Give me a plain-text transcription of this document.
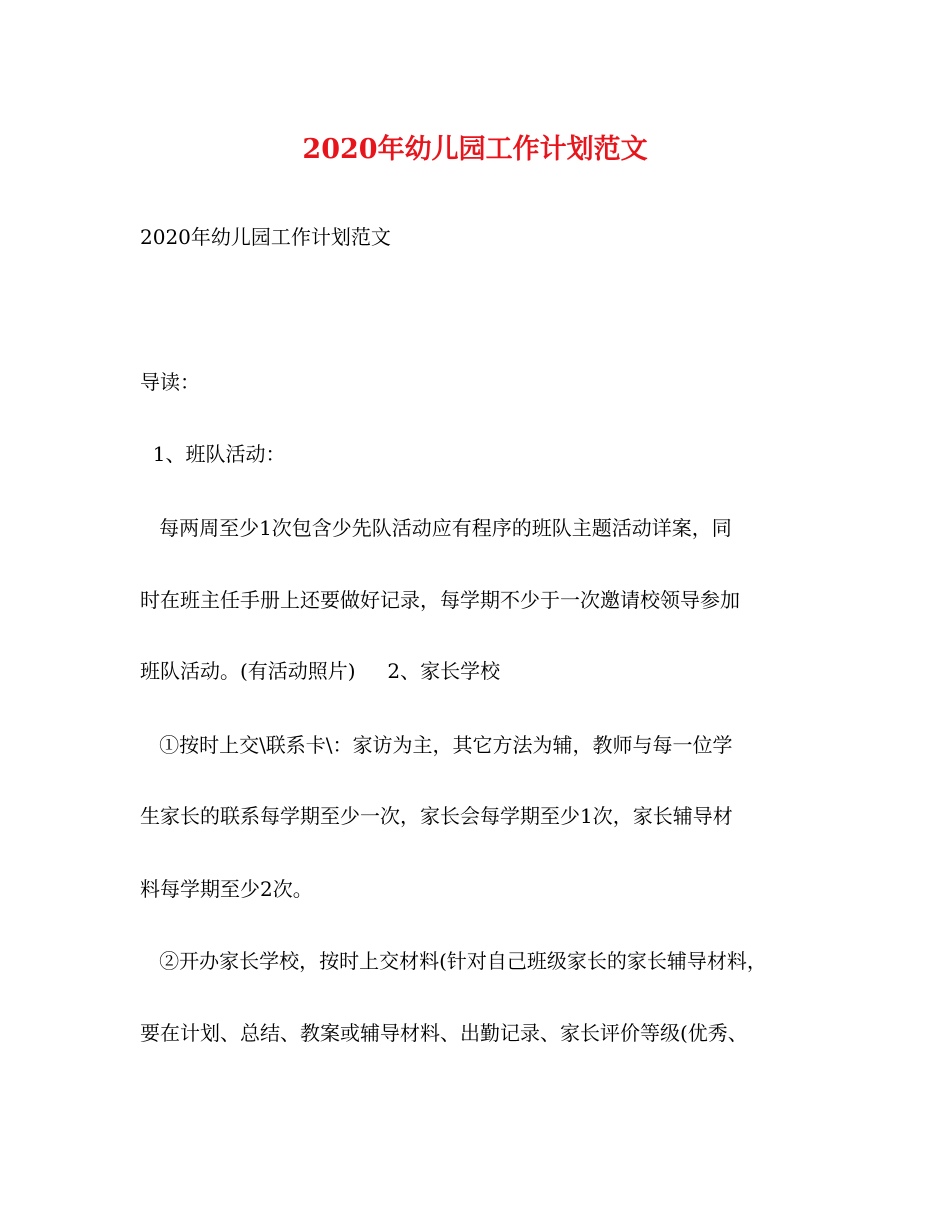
2020年幼儿园工作计划范文
2020年幼儿园工作计划范文
导读：
1、班队活动：
每两周至少1次包含少先队活动应有程序的班队主题活动详案，同
时在班主任手册上还要做好记录，每学期不少于一次邀请校领导参加
班队活动。(有活动照片)     2、家长学校
①按时上交\联系卡\：家访为主，其它方法为辅，教师与每一位学
生家长的联系每学期至少一次，家长会每学期至少1次，家长辅导材
料每学期至少2次。
②开办家长学校，按时上交材料(针对自己班级家长的家长辅导材料，
要在计划、总结、教案或辅导材料、出勤记录、家长评价等级(优秀、
